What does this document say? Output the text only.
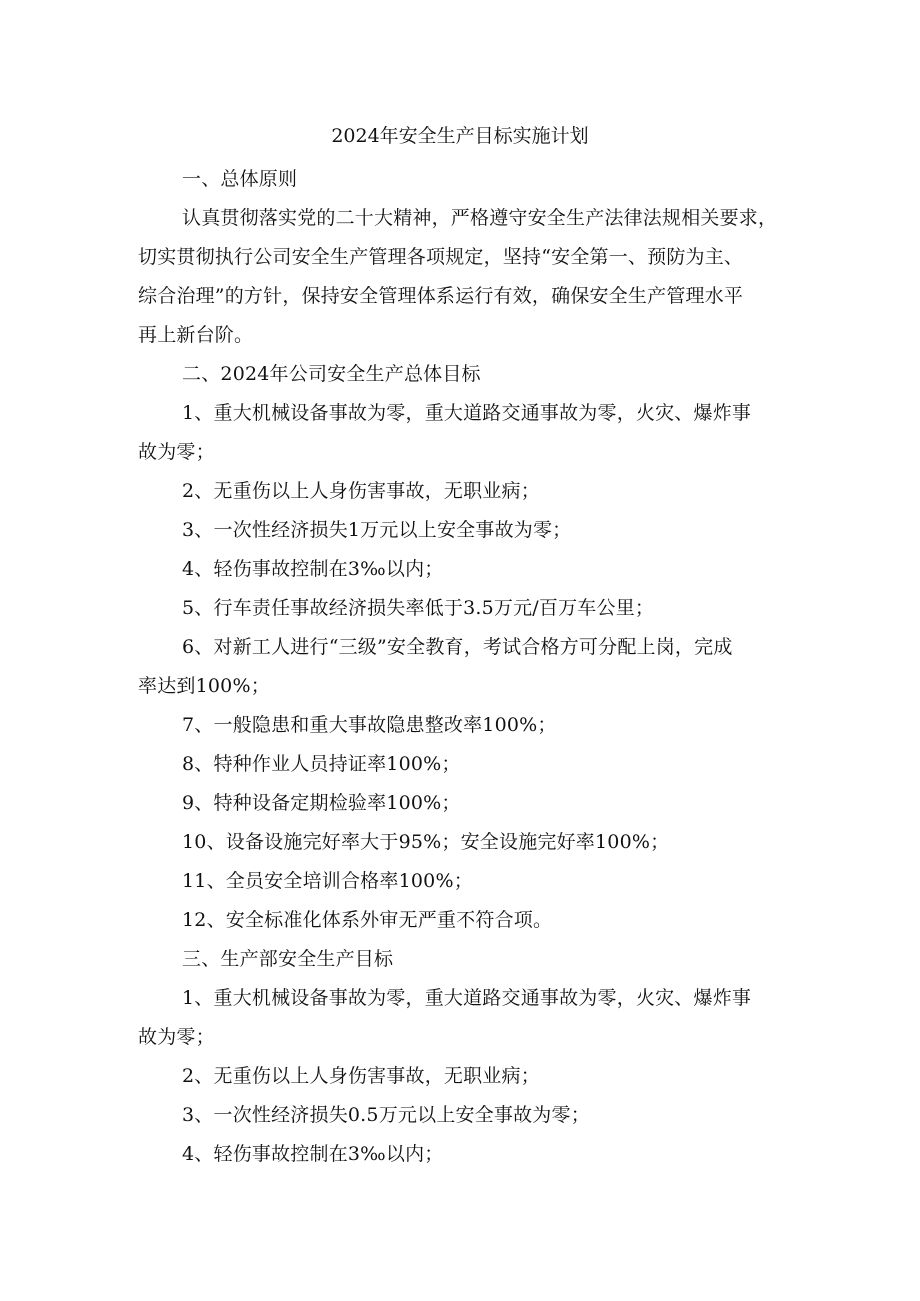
2024年安全生产目标实施计划
一、总体原则
认真贯彻落实党的二十大精神，严格遵守安全生产法律法规相关要求，
切实贯彻执行公司安全生产管理各项规定，坚持“安全第一、预防为主、
综合治理”的方针，保持安全管理体系运行有效，确保安全生产管理水平
再上新台阶。
二、2024年公司安全生产总体目标
1、重大机械设备事故为零，重大道路交通事故为零，火灾、爆炸事
故为零；
2、无重伤以上人身伤害事故，无职业病；
3、一次性经济损失1万元以上安全事故为零；
4、轻伤事故控制在3‰以内；
5、行车责任事故经济损失率低于3.5万元/百万车公里；
6、对新工人进行“三级”安全教育，考试合格方可分配上岗，完成
率达到100%；
7、一般隐患和重大事故隐患整改率100%；
8、特种作业人员持证率100%；
9、特种设备定期检验率100%；
10、设备设施完好率大于95%；安全设施完好率100%；
11、全员安全培训合格率100%；
12、安全标准化体系外审无严重不符合项。
三、生产部安全生产目标
1、重大机械设备事故为零，重大道路交通事故为零，火灾、爆炸事
故为零；
2、无重伤以上人身伤害事故，无职业病；
3、一次性经济损失0.5万元以上安全事故为零；
4、轻伤事故控制在3‰以内；
